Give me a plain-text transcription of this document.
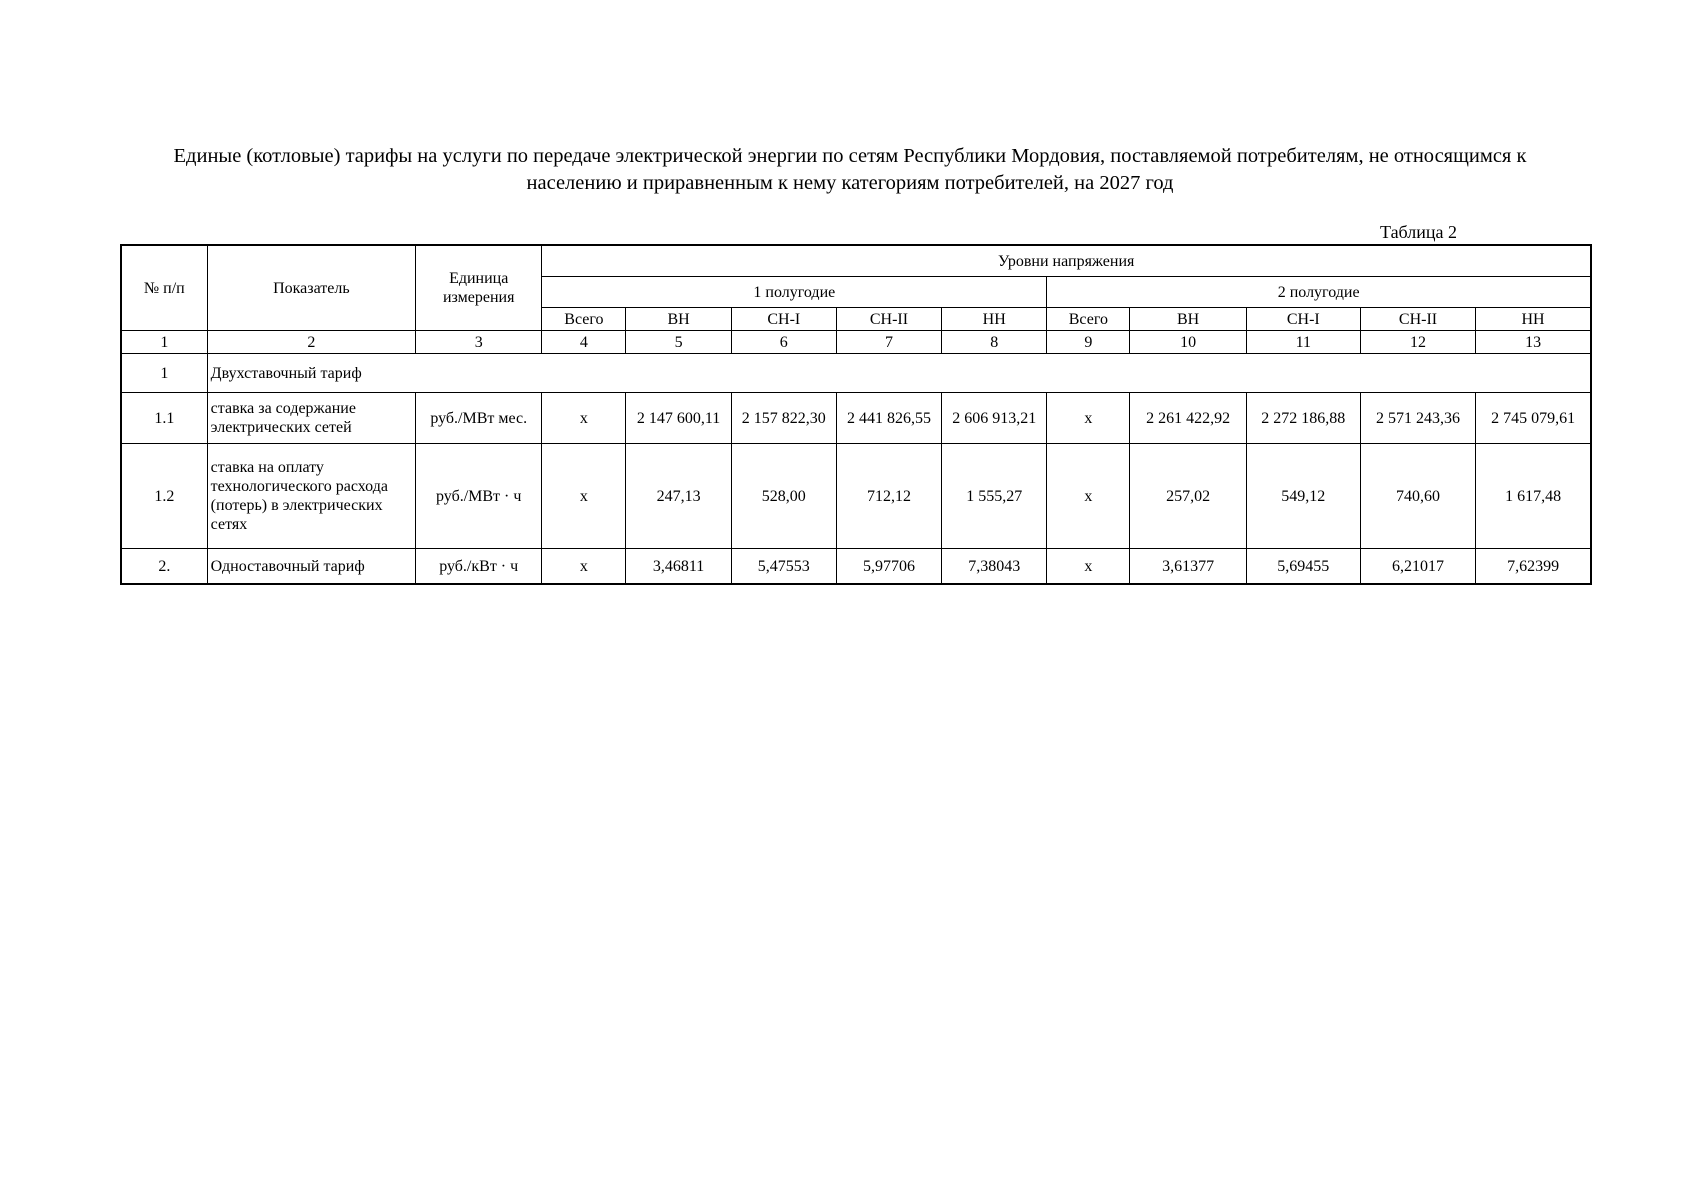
Единые (котловые) тарифы на услуги по передаче электрической энергии по сетям Республики Мордовия, поставляемой потребителям, не относящимся к населению и приравненным к нему категориям потребителей, на 2027 год
Таблица 2
№ п/п	Показатель	Единица измерения	Уровни напряжения									
			1 полугодие					2 полугодие				
			Всего	ВН	СН-I	СН-II	НН	Всего	ВН	СН-I	СН-II	НН
1	2	3	4	5	6	7	8	9	10	11	12	13
1	Двухставочный тариф											
1.1	ставка за содержание электрических сетей	руб./МВт мес.	х	2 147 600,11	2 157 822,30	2 441 826,55	2 606 913,21	х	2 261 422,92	2 272 186,88	2 571 243,36	2 745 079,61
1.2	ставка на оплату технологического расхода (потерь) в электрических сетях	руб./МВт · ч	х	247,13	528,00	712,12	1 555,27	х	257,02	549,12	740,60	1 617,48
2.	Одноставочный тариф	руб./кВт · ч	х	3,46811	5,47553	5,97706	7,38043	х	3,61377	5,69455	6,21017	7,62399
